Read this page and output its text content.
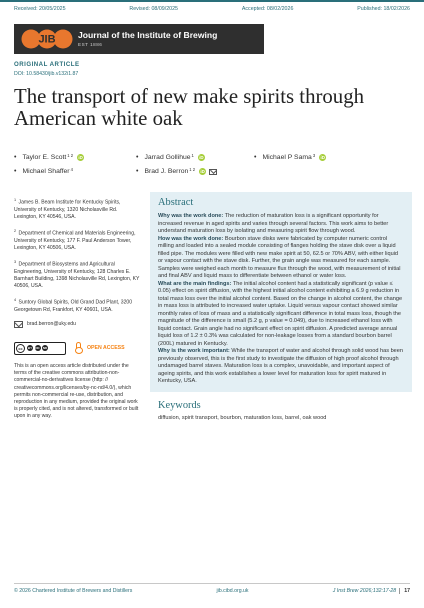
Received: 20/05/2025	Revised: 08/09/2025	Accepted: 08/02/2026	Published: 18/02/2026
JIB	Journal of the Institute of Brewing
EST 1886
ORIGINAL ARTICLE
DOI: 10.58430/jib.v132i1.87
The transport of new make spirits through American white oak
• Taylor E. Scott$^{1 2}$ iD	• Jarrad Gollihue$^1$ iD	• Michael P Sama$^3$ iD
• Michael Shaffer$^4$	• Brad J. Berron$^{1 2}$ iD

$^1$ James B. Beam Institute for Kentucky Spirits, University of Kentucky, 1320 Nicholasville Rd. Lexington, KY 40546, USA.

$^2$ Department of Chemical and Materials Engineering, University of Kentucky, 177 F. Paul Anderson Tower, Lexington, KY 40506, USA.

$^3$ Department of Biosystems and Agricultural Engineering, University of Kentucky, 128 Charles E. Barnhart Building, 1398 Nicholasville Rd, Lexington, KY 40506, USA.

$^4$ Suntory Global Spirits, Old Grand Dad Plant, 3200 Georgetown Rd, Frankfort, KY 40601, USA.

brad.berron@uky.edu
cc	BY	NC ND	OPEN ACCESS
This is an open access article distributed under the terms of the creative commons attribution-non-commercial-no-derivatives license (http: // creativecommons.org/licenses/by-nc-nd/4.0/), which permits non-commercial re-use, distribution, and reproduction in any medium, provided the original work is properly cited, and is not altered, transformed or built upon in any way.
Abstract

Why was the work done: The reduction of maturation loss is a significant opportunity for increased revenue in aged spirits and varies through several factors. This work aims to better understand maturation loss by isolating and measuring spirit flow through wood.
How was the work done: Bourbon stave disks were fabricated by computer numeric control milling and loaded into a sealed module consisting of flanges holding the stave disk over a liquid filled pipe. The modules were filled with new make spirit at 50, 62.5 or 70% ABV, with either liquid or vapour contact with the stave disk. Further, the grain angle was measured for each sample. Samples were weighed each month to measure flux through the wood, with measurement of initial and final ABV and liquid mass to differentiate between ethanol or water loss.
What are the main findings: The initial alcohol content had a statistically significant (p value ≤ 0.05) effect on spirit diffusion, with the highest initial alcohol content exhibiting a 6.9 g reduction in total mass loss over the initial alcohol content. Based on the change in alcohol content, the change in mass loss is attributed to increased water uptake. Liquid versus vapour contact showed similar monthly rates of loss of mass and a statistically significant difference in total mass loss, though the magnitude of the difference is small (5.2 g, p value = 0.049), due to increased ethanol loss with liquid contact. Grain angle had no significant effect on spirit diffusion. A predicted average annual liquid loss of 1.2 ± 0.3% was calculated for non-leakage losses from a standard bourbon barrel (200L) matured in Kentucky.
Why is the work important: While the transport of water and alcohol through solid wood has been previously observed, this is the first study to investigate the diffusion of high proof alcohol through undamaged barrel staves. Maturation loss is a complex, unavoidable, and important aspect of ageing spirits, and this work establishes a lower level for maturation loss for spirit matured in Kentucky, USA.

Keywords

diffusion, spirit transport, bourbon, maturation loss, barrel, oak wood

© 2026 Chartered Institute of Brewers and Distillers	jib.cibd.org.uk	J Inst Brew 2026;132:17-28 17
